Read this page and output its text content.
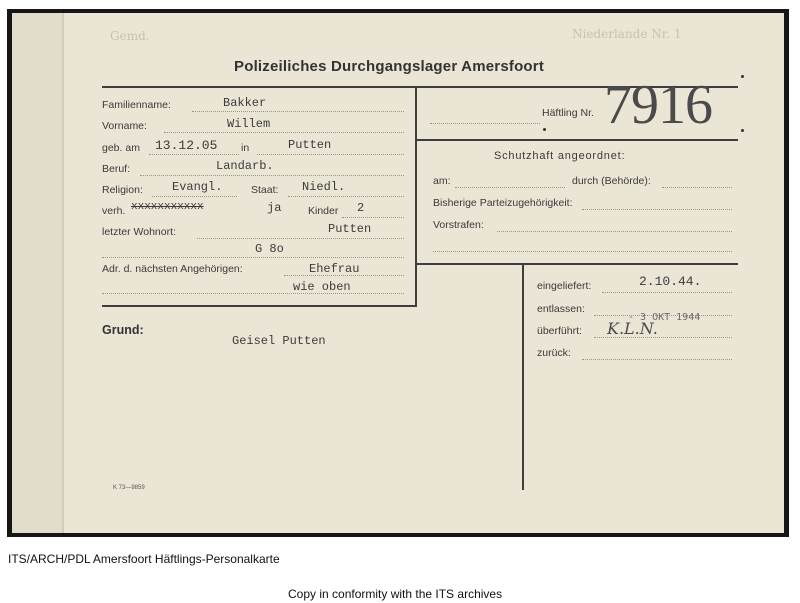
Gemd.	Niederlande Nr. 1
Polizeiliches Durchgangslager Amersfoort
Häftling Nr. 7916
Familienname:	Bakker
Vorname:	Willem
geb. am 13.12.05 in	Putten
Beruf:	Landarb.
Religion: Evangl.	Staat: Niedl.
verh. xxxxxxxxxxx	ja	Kinder 2
letzter Wohnort:	Putten
G 8o
Adr. d. nächsten Angehörigen:	Ehefrau
wie oben
Grund:
Geisel Putten
Schutzhaft angeordnet:
am:	durch (Behörde):
Bisherige Parteizugehörigkeit:
Vorstrafen:
eingeliefert:	2.10.44.
entlassen:
- 3 OKT 1944
überführt: K.L.N.
zurück:
K 73—9859
ITS/ARCH/PDL Amersfoort Häftlings-Personalkarte
Copy in conformity with the ITS archives
